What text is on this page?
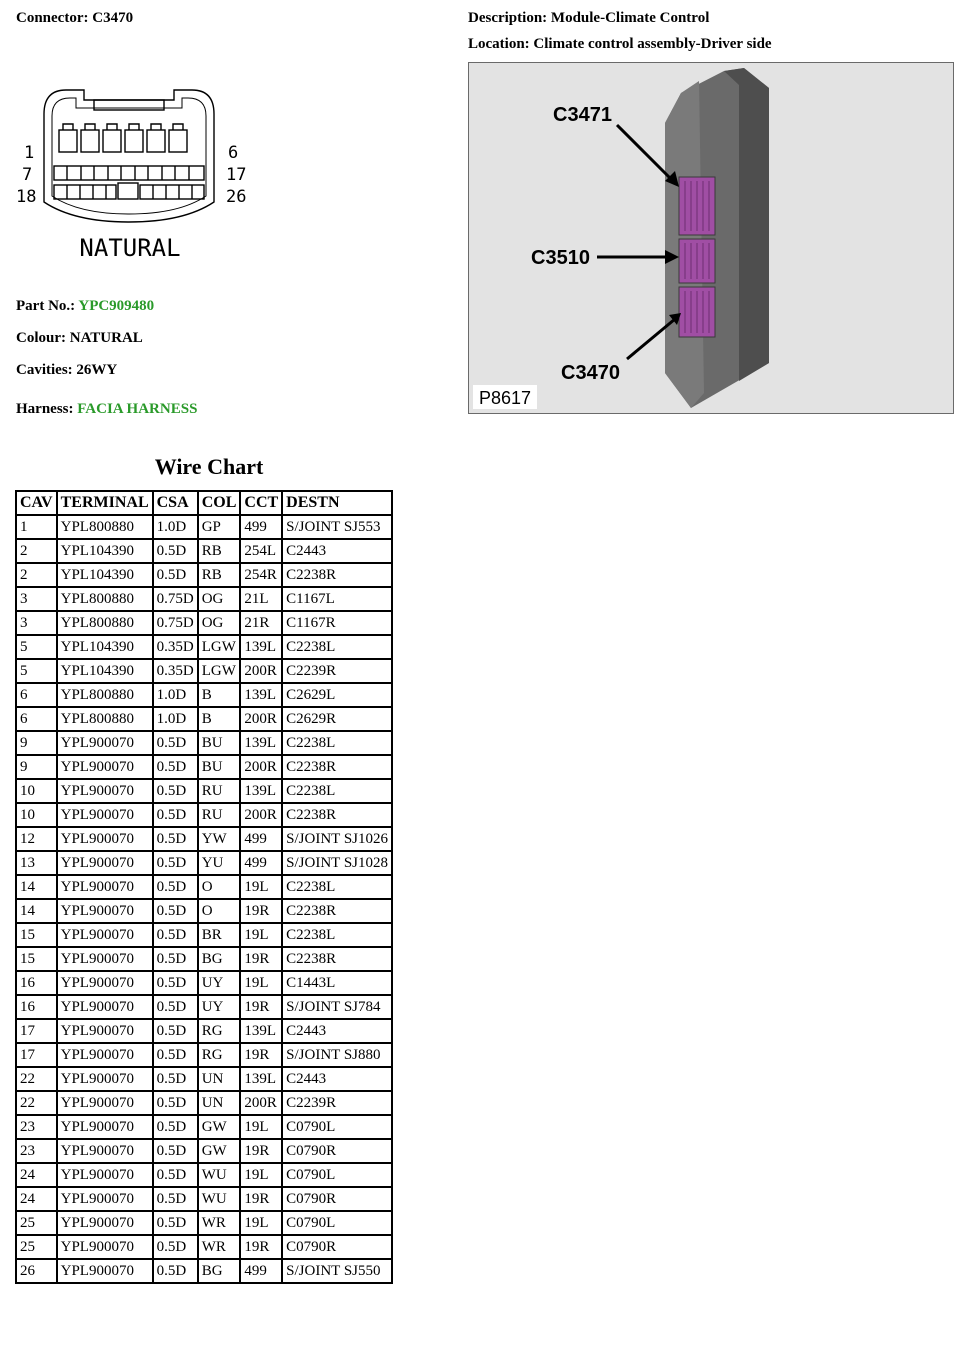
Connector: C3470	Description: Module-Climate Control
Location: Climate control assembly-Driver side
1	6
7	17
18	26
NATURAL
Part No.: YPC909480
Colour: NATURAL
Cavities: 26WY
Harness: FACIA HARNESS
C3471
C3510
C3470
P8617
Wire Chart
CAV	TERMINAL	CSA	COL	CCT	DESTN
1	YPL800880	1.0D	GP	499	S/JOINT SJ553
2	YPL104390	0.5D	RB	254L	C2443
2	YPL104390	0.5D	RB	254R	C2238R
3	YPL800880	0.75D	OG	21L	C1167L
3	YPL800880	0.75D	OG	21R	C1167R
5	YPL104390	0.35D	LGW	139L	C2238L
5	YPL104390	0.35D	LGW	200R	C2239R
6	YPL800880	1.0D	B	139L	C2629L
6	YPL800880	1.0D	B	200R	C2629R
9	YPL900070	0.5D	BU	139L	C2238L
9	YPL900070	0.5D	BU	200R	C2238R
10	YPL900070	0.5D	RU	139L	C2238L
10	YPL900070	0.5D	RU	200R	C2238R
12	YPL900070	0.5D	YW	499	S/JOINT SJ1026
13	YPL900070	0.5D	YU	499	S/JOINT SJ1028
14	YPL900070	0.5D	O	19L	C2238L
14	YPL900070	0.5D	O	19R	C2238R
15	YPL900070	0.5D	BR	19L	C2238L
15	YPL900070	0.5D	BG	19R	C2238R
16	YPL900070	0.5D	UY	19L	C1443L
16	YPL900070	0.5D	UY	19R	S/JOINT SJ784
17	YPL900070	0.5D	RG	139L	C2443
17	YPL900070	0.5D	RG	19R	S/JOINT SJ880
22	YPL900070	0.5D	UN	139L	C2443
22	YPL900070	0.5D	UN	200R	C2239R
23	YPL900070	0.5D	GW	19L	C0790L
23	YPL900070	0.5D	GW	19R	C0790R
24	YPL900070	0.5D	WU	19L	C0790L
24	YPL900070	0.5D	WU	19R	C0790R
25	YPL900070	0.5D	WR	19L	C0790L
25	YPL900070	0.5D	WR	19R	C0790R
26	YPL900070	0.5D	BG	499	S/JOINT SJ550
